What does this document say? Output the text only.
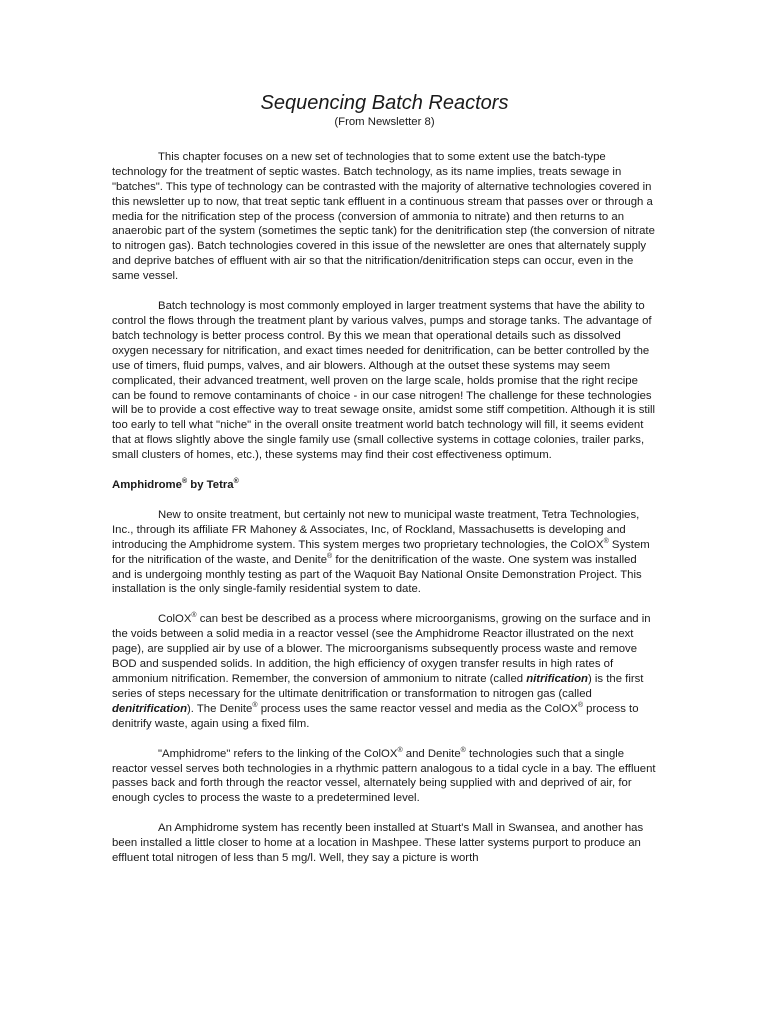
Sequencing Batch Reactors
(From Newsletter 8)

This chapter focuses on a new set of technologies that to some extent use the batch-type technology for the treatment of septic wastes. Batch technology, as its name implies, treats sewage in "batches". This type of technology can be contrasted with the majority of alternative technologies covered in this newsletter up to now, that treat septic tank effluent in a continuous stream that passes over or through a media for the nitrification step of the process (conversion of ammonia to nitrate) and then returns to an anaerobic part of the system (sometimes the septic tank) for the denitrification step (the conversion of nitrate to nitrogen gas). Batch technologies covered in this issue of the newsletter are ones that alternately supply and deprive batches of effluent with air so that the nitrification/denitrification steps can occur, even in the same vessel.

Batch technology is most commonly employed in larger treatment systems that have the ability to control the flows through the treatment plant by various valves, pumps and storage tanks. The advantage of batch technology is better process control. By this we mean that operational details such as dissolved oxygen necessary for nitrification, and exact times needed for denitrification, can be better controlled by the use of timers, fluid pumps, valves, and air blowers. Although at the outset these systems may seem complicated, their advanced treatment, well proven on the large scale, holds promise that the right recipe can be found to remove contaminants of choice - in our case nitrogen! The challenge for these technologies will be to provide a cost effective way to treat sewage onsite, amidst some stiff competition. Although it is still too early to tell what "niche" in the overall onsite treatment world batch technology will fill, it seems evident that at flows slightly above the single family use (small collective systems in cottage colonies, trailer parks, small clusters of homes, etc.), these systems may find their cost effectiveness optimum.

Amphidrome® by Tetra®

New to onsite treatment, but certainly not new to municipal waste treatment, Tetra Technologies, Inc., through its affiliate FR Mahoney & Associates, Inc, of Rockland, Massachusetts is developing and introducing the Amphidrome system. This system merges two proprietary technologies, the ColOX® System for the nitrification of the waste, and Denite® for the denitrification of the waste. One system was installed and is undergoing monthly testing as part of the Waquoit Bay National Onsite Demonstration Project. This installation is the only single-family residential system to date.

ColOX® can best be described as a process where microorganisms, growing on the surface and in the voids between a solid media in a reactor vessel (see the Amphidrome Reactor illustrated on the next page), are supplied air by use of a blower. The microorganisms subsequently process waste and remove BOD and suspended solids. In addition, the high efficiency of oxygen transfer results in high rates of ammonium nitrification. Remember, the conversion of ammonium to nitrate (called nitrification) is the first series of steps necessary for the ultimate denitrification or transformation to nitrogen gas (called denitrification). The Denite® process uses the same reactor vessel and media as the ColOX® process to denitrify waste, again using a fixed film.

"Amphidrome" refers to the linking of the ColOX® and Denite® technologies such that a single reactor vessel serves both technologies in a rhythmic pattern analogous to a tidal cycle in a bay. The effluent passes back and forth through the reactor vessel, alternately being supplied with and deprived of air, for enough cycles to process the waste to a predetermined level.

An Amphidrome system has recently been installed at Stuart's Mall in Swansea, and another has been installed a little closer to home at a location in Mashpee. These latter systems purport to produce an effluent total nitrogen of less than 5 mg/l. Well, they say a picture is worth
